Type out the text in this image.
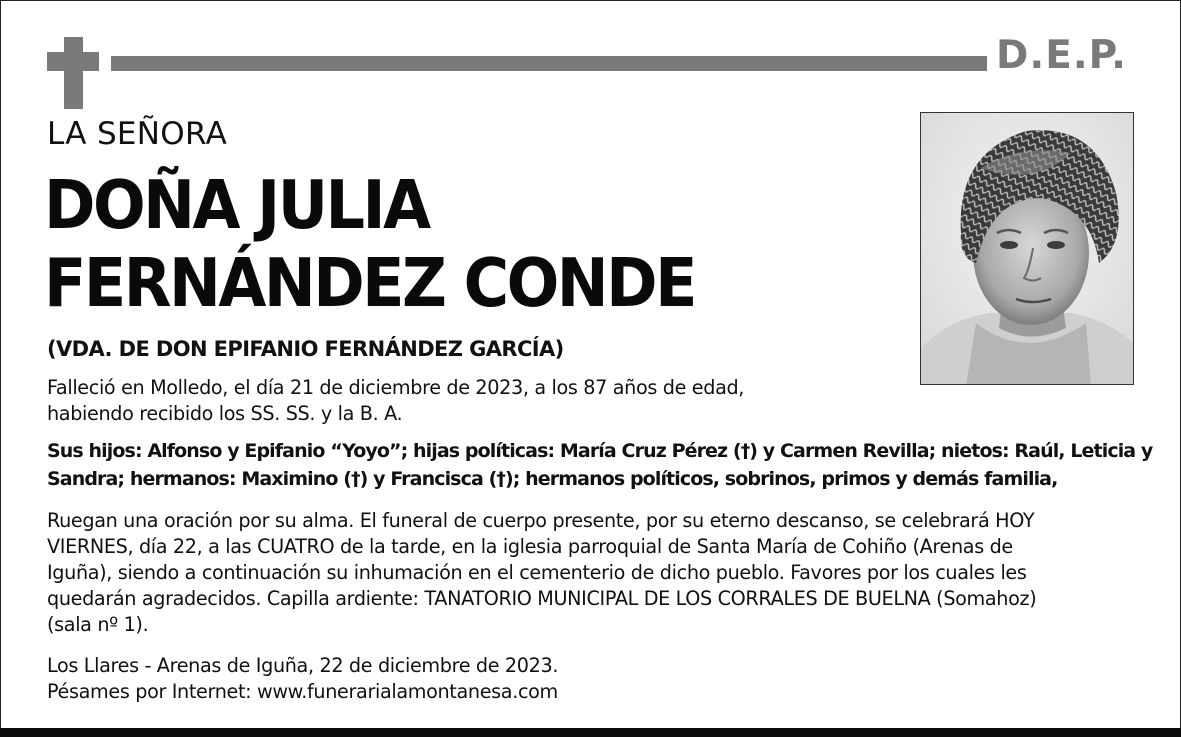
D.E.P.
LA SEÑORA
DOÑA JULIA
FERNÁNDEZ CONDE
(VDA. DE DON EPIFANIO FERNÁNDEZ GARCÍA)
Falleció en Molledo, el día 21 de diciembre de 2023, a los 87 años de edad,
habiendo recibido los SS. SS. y la B. A.
Sus hijos: Alfonso y Epifanio “Yoyo”; hijas políticas: María Cruz Pérez (†) y Carmen Revilla; nietos: Raúl, Leticia y
Sandra; hermanos: Maximino (†) y Francisca (†); hermanos políticos, sobrinos, primos y demás familia,
Ruegan una oración por su alma. El funeral de cuerpo presente, por su eterno descanso, se celebrará HOY
VIERNES, día 22, a las CUATRO de la tarde, en la iglesia parroquial de Santa María de Cohiño (Arenas de
Iguña), siendo a continuación su inhumación en el cementerio de dicho pueblo. Favores por los cuales les
quedarán agradecidos. Capilla ardiente: TANATORIO MUNICIPAL DE LOS CORRALES DE BUELNA (Somahoz)
(sala nº 1).
Los Llares - Arenas de Iguña, 22 de diciembre de 2023.
Pésames por Internet: www.funerarialamontanesa.com
